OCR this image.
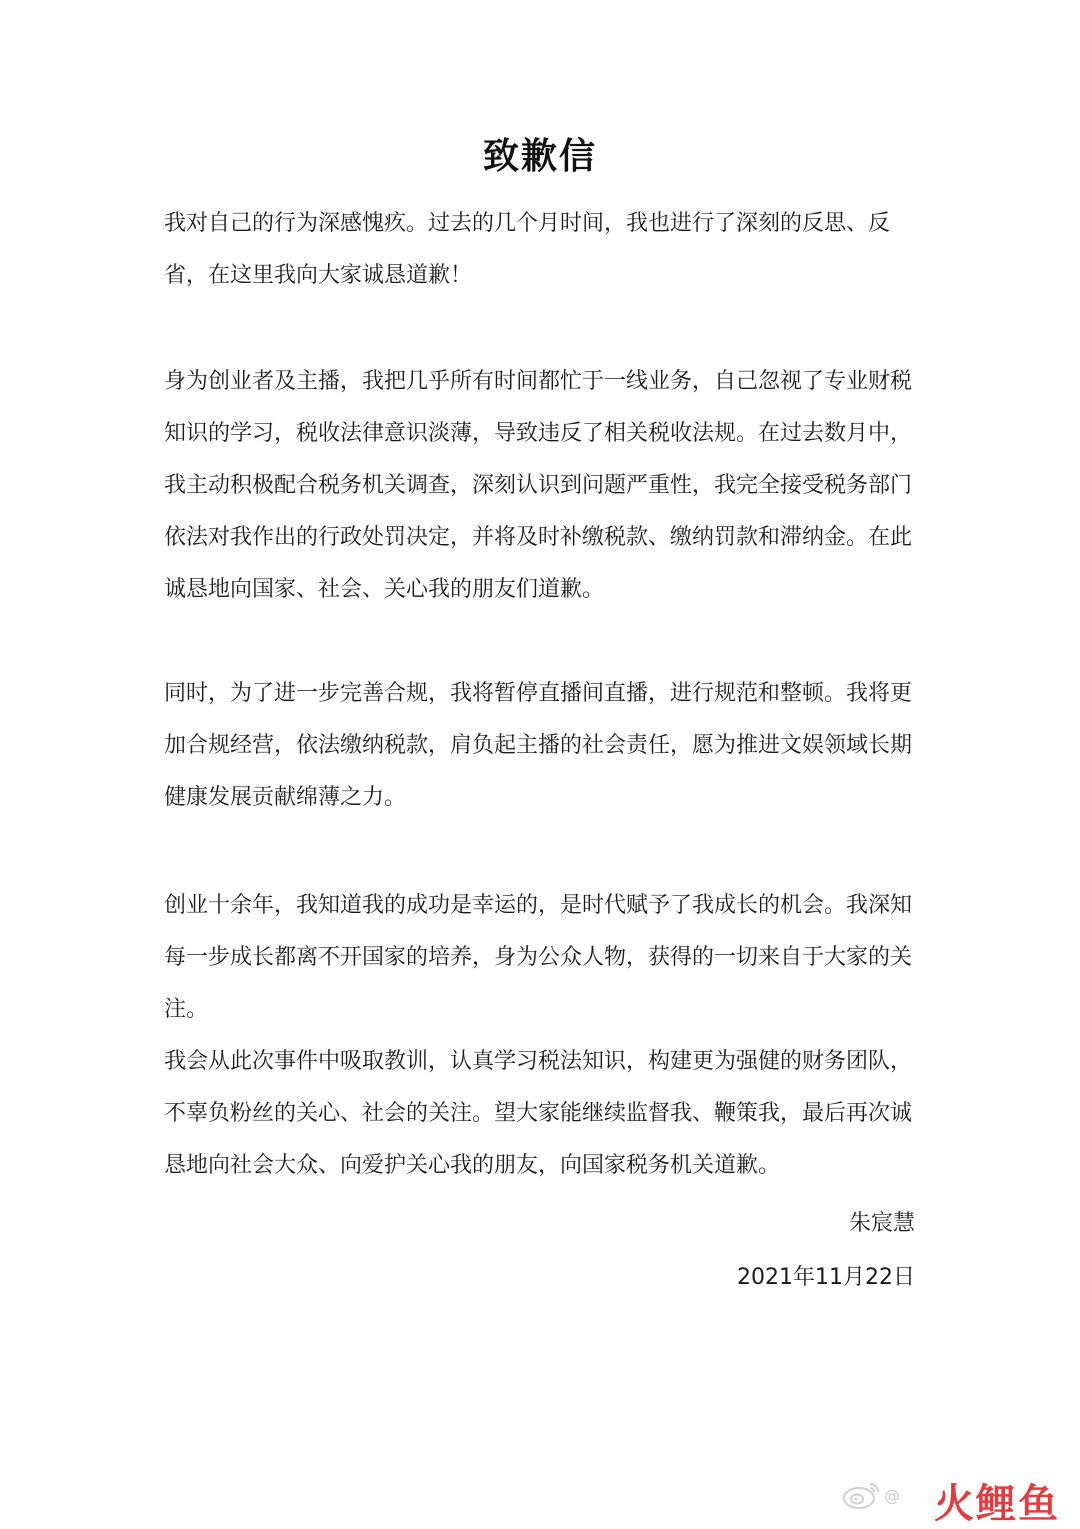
致歉信

我对自己的行为深感愧疚。过去的几个月时间，我也进行了深刻的反思、反省，在这里我向大家诚恳道歉！

身为创业者及主播，我把几乎所有时间都忙于一线业务，自己忽视了专业财税知识的学习，税收法律意识淡薄，导致违反了相关税收法规。在过去数月中，我主动积极配合税务机关调查，深刻认识到问题严重性，我完全接受税务部门依法对我作出的行政处罚决定，并将及时补缴税款、缴纳罚款和滞纳金。在此诚恳地向国家、社会、关心我的朋友们道歉。

同时，为了进一步完善合规，我将暂停直播间直播，进行规范和整顿。我将更加合规经营，依法缴纳税款，肩负起主播的社会责任，愿为推进文娱领域长期健康发展贡献绵薄之力。

创业十余年，我知道我的成功是幸运的，是时代赋予了我成长的机会。我深知每一步成长都离不开国家的培养，身为公众人物，获得的一切来自于大家的关注。

我会从此次事件中吸取教训，认真学习税法知识，构建更为强健的财务团队，不辜负粉丝的关心、社会的关注。望大家能继续监督我、鞭策我，最后再次诚恳地向社会大众、向爱护关心我的朋友，向国家税务机关道歉。

朱宸慧
2021年11月22日
@ 火鲤鱼
